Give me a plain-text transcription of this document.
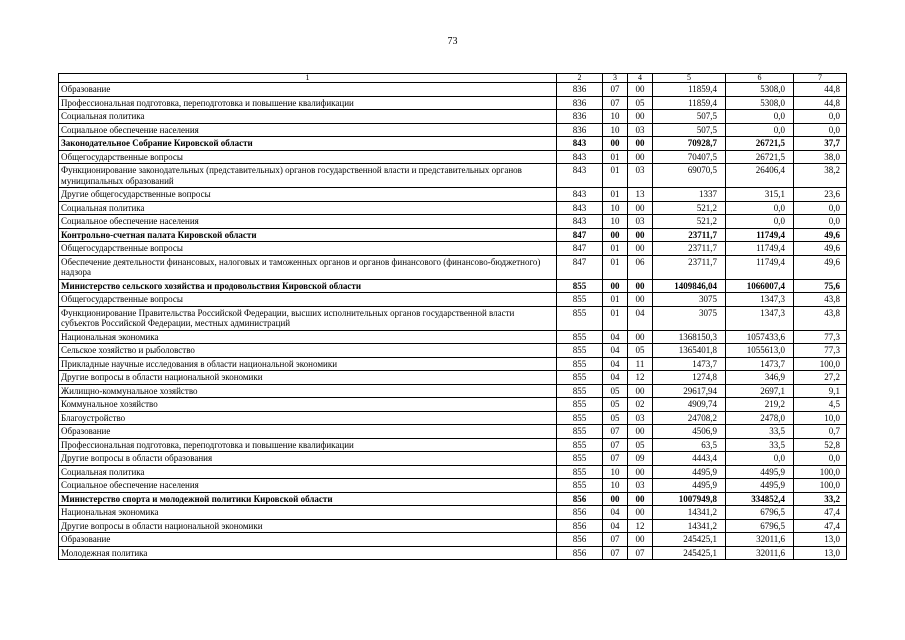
73
1	2	3	4	5	6	7
Образование	836	07	00	11859,4	5308,0	44,8
Профессиональная подготовка, переподготовка и повышение квалификации	836	07	05	11859,4	5308,0	44,8
Социальная политика	836	10	00	507,5	0,0	0,0
Социальное обеспечение населения	836	10	03	507,5	0,0	0,0
Законодательное Собрание Кировской области	843	00	00	70928,7	26721,5	37,7
Общегосударственные вопросы	843	01	00	70407,5	26721,5	38,0
Функционирование законодательных (представительных) органов государственной власти и представительных органов муниципальных образований	843	01	03	69070,5	26406,4	38,2
Другие общегосударственные вопросы	843	01	13	1337	315,1	23,6
Социальная политика	843	10	00	521,2	0,0	0,0
Социальное обеспечение населения	843	10	03	521,2	0,0	0,0
Контрольно-счетная палата Кировской области	847	00	00	23711,7	11749,4	49,6
Общегосударственные вопросы	847	01	00	23711,7	11749,4	49,6
Обеспечение деятельности финансовых, налоговых и таможенных органов и органов финансового (финансово-бюджетного) надзора	847	01	06	23711,7	11749,4	49,6
Министерство сельского хозяйства и продовольствия Кировской области	855	00	00	1409846,04	1066007,4	75,6
Общегосударственные вопросы	855	01	00	3075	1347,3	43,8
Функционирование Правительства Российской Федерации, высших исполнительных органов государственной власти субъектов Российской Федерации, местных администраций	855	01	04	3075	1347,3	43,8
Национальная экономика	855	04	00	1368150,3	1057433,6	77,3
Сельское хозяйство и рыболовство	855	04	05	1365401,8	1055613,0	77,3
Прикладные научные исследования в области национальной экономики	855	04	11	1473,7	1473,7	100,0
Другие вопросы в области национальной экономики	855	04	12	1274,8	346,9	27,2
Жилищно-коммунальное хозяйство	855	05	00	29617,94	2697,1	9,1
Коммунальное хозяйство	855	05	02	4909,74	219,2	4,5
Благоустройство	855	05	03	24708,2	2478,0	10,0
Образование	855	07	00	4506,9	33,5	0,7
Профессиональная подготовка, переподготовка и повышение квалификации	855	07	05	63,5	33,5	52,8
Другие вопросы в области образования	855	07	09	4443,4	0,0	0,0
Социальная политика	855	10	00	4495,9	4495,9	100,0
Социальное обеспечение населения	855	10	03	4495,9	4495,9	100,0
Министерство спорта и молодежной политики Кировской области	856	00	00	1007949,8	334852,4	33,2
Национальная экономика	856	04	00	14341,2	6796,5	47,4
Другие вопросы в области национальной экономики	856	04	12	14341,2	6796,5	47,4
Образование	856	07	00	245425,1	32011,6	13,0
Молодежная политика	856	07	07	245425,1	32011,6	13,0
